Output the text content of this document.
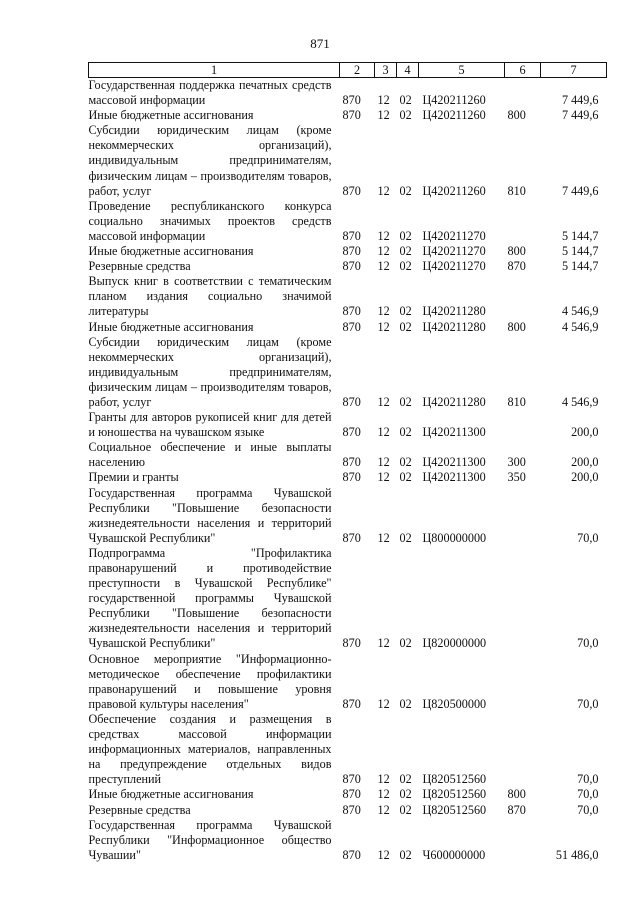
871
1	2	3	4	5	6	7
Государственная поддержка печатных средств массовой информации	870	12	02	Ц420211260		7 449,6
Иные бюджетные ассигнования	870	12	02	Ц420211260	800	7 449,6
Субсидии юридическим лицам (кроме некоммерческих организаций), индивидуальным предпринимателям, физическим лицам – производителям товаров, работ, услуг	870	12	02	Ц420211260	810	7 449,6
Проведение республиканского конкурса социально значимых проектов средств массовой информации	870	12	02	Ц420211270		5 144,7
Иные бюджетные ассигнования	870	12	02	Ц420211270	800	5 144,7
Резервные средства	870	12	02	Ц420211270	870	5 144,7
Выпуск книг в соответствии с тематическим планом издания социально значимой литературы	870	12	02	Ц420211280		4 546,9
Иные бюджетные ассигнования	870	12	02	Ц420211280	800	4 546,9
Субсидии юридическим лицам (кроме некоммерческих организаций), индивидуальным предпринимателям, физическим лицам – производителям товаров, работ, услуг	870	12	02	Ц420211280	810	4 546,9
Гранты для авторов рукописей книг для детей и юношества на чувашском языке	870	12	02	Ц420211300		200,0
Социальное обеспечение и иные выплаты населению	870	12	02	Ц420211300	300	200,0
Премии и гранты	870	12	02	Ц420211300	350	200,0
Государственная программа Чувашской Республики "Повышение безопасности жизнедеятельности населения и территорий Чувашской Республики"	870	12	02	Ц800000000		70,0
Подпрограмма "Профилактика правонарушений и противодействие преступности в Чувашской Республике" государственной программы Чувашской Республики "Повышение безопасности жизнедеятельности населения и территорий Чувашской Республики"	870	12	02	Ц820000000		70,0
Основное мероприятие "Информационно-методическое обеспечение профилактики правонарушений и повышение уровня правовой культуры населения"	870	12	02	Ц820500000		70,0
Обеспечение создания и размещения в средствах массовой информации информационных материалов, направленных на предупреждение отдельных видов преступлений	870	12	02	Ц820512560		70,0
Иные бюджетные ассигнования	870	12	02	Ц820512560	800	70,0
Резервные средства	870	12	02	Ц820512560	870	70,0
Государственная программа Чувашской Республики "Информационное общество Чувашии"	870	12	02	Ч600000000		51 486,0
